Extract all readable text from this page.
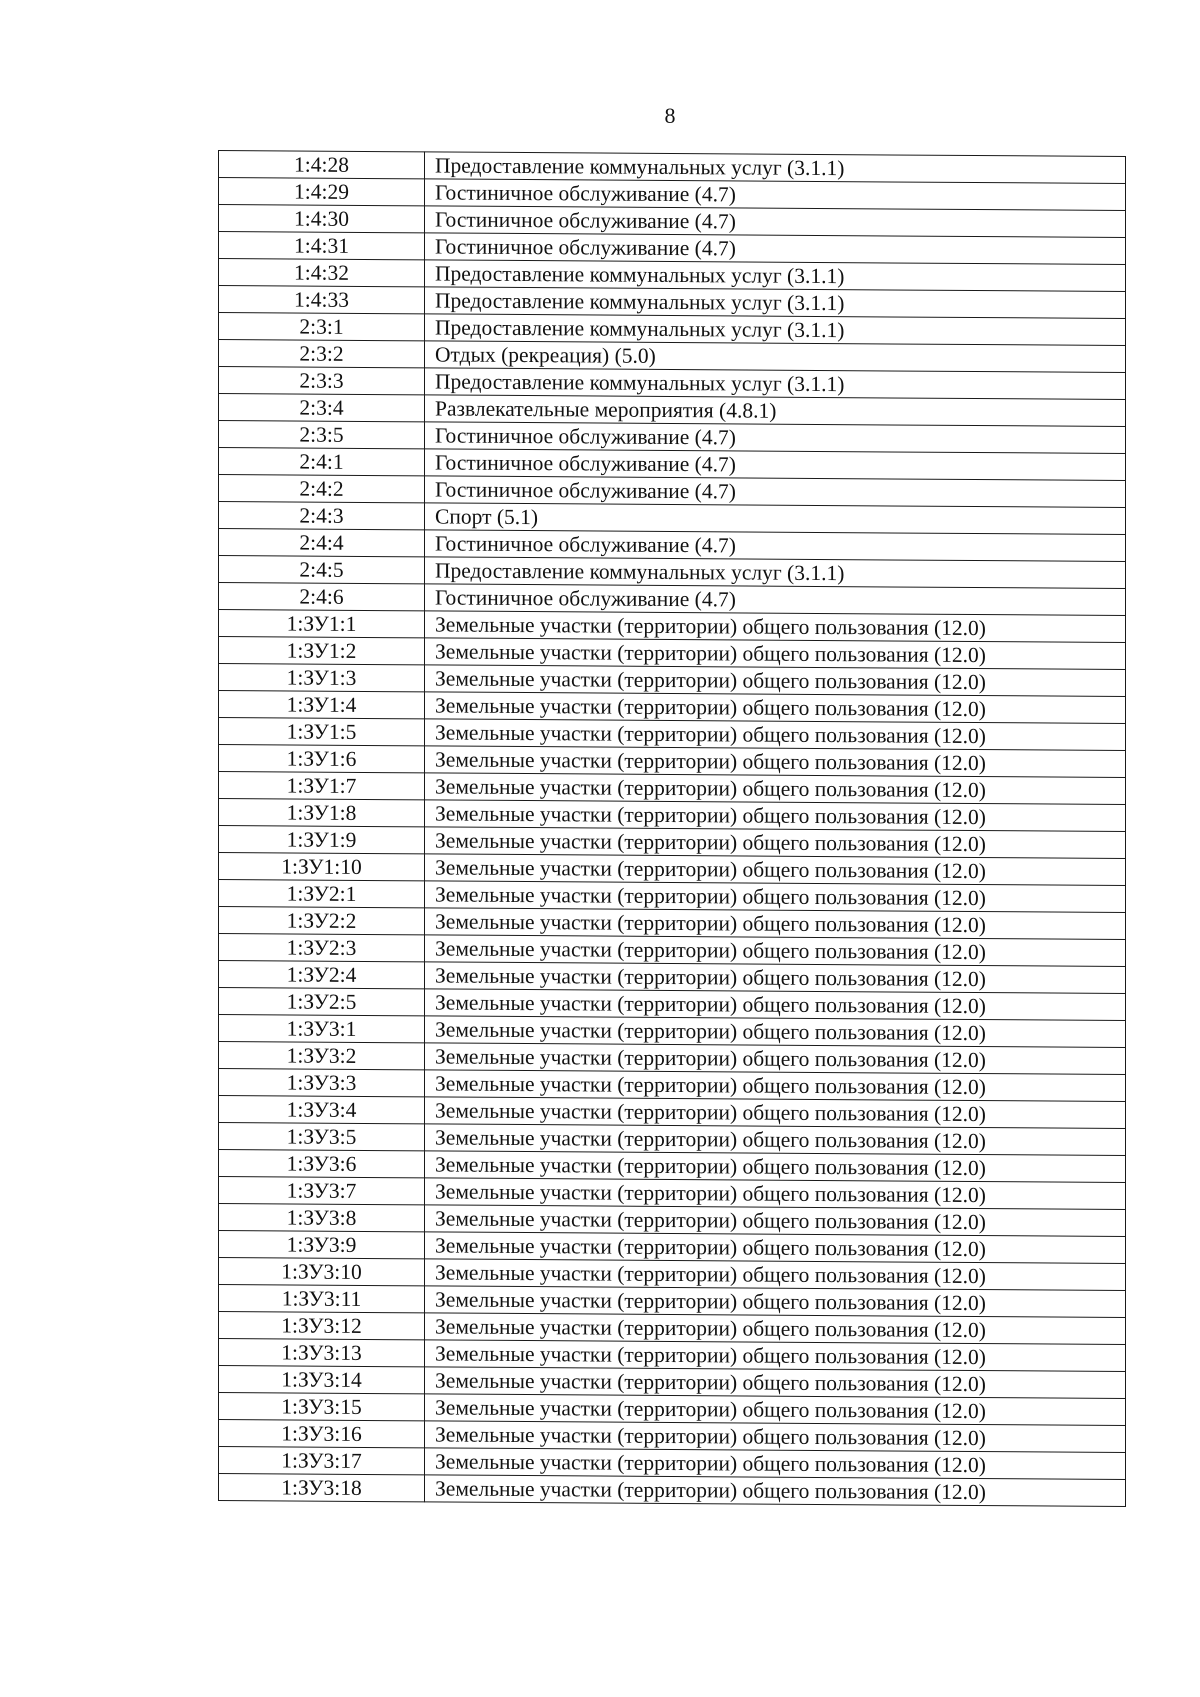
8
1:4:28	Предоставление коммунальных услуг (3.1.1)
1:4:29	Гостиничное обслуживание (4.7)
1:4:30	Гостиничное обслуживание (4.7)
1:4:31	Гостиничное обслуживание (4.7)
1:4:32	Предоставление коммунальных услуг (3.1.1)
1:4:33	Предоставление коммунальных услуг (3.1.1)
2:3:1	Предоставление коммунальных услуг (3.1.1)
2:3:2	Отдых (рекреация) (5.0)
2:3:3	Предоставление коммунальных услуг (3.1.1)
2:3:4	Развлекательные мероприятия (4.8.1)
2:3:5	Гостиничное обслуживание (4.7)
2:4:1	Гостиничное обслуживание (4.7)
2:4:2	Гостиничное обслуживание (4.7)
2:4:3	Спорт (5.1)
2:4:4	Гостиничное обслуживание (4.7)
2:4:5	Предоставление коммунальных услуг (3.1.1)
2:4:6	Гостиничное обслуживание (4.7)
1:ЗУ1:1	Земельные участки (территории) общего пользования (12.0)
1:ЗУ1:2	Земельные участки (территории) общего пользования (12.0)
1:ЗУ1:3	Земельные участки (территории) общего пользования (12.0)
1:ЗУ1:4	Земельные участки (территории) общего пользования (12.0)
1:ЗУ1:5	Земельные участки (территории) общего пользования (12.0)
1:ЗУ1:6	Земельные участки (территории) общего пользования (12.0)
1:ЗУ1:7	Земельные участки (территории) общего пользования (12.0)
1:ЗУ1:8	Земельные участки (территории) общего пользования (12.0)
1:ЗУ1:9	Земельные участки (территории) общего пользования (12.0)
1:ЗУ1:10	Земельные участки (территории) общего пользования (12.0)
1:ЗУ2:1	Земельные участки (территории) общего пользования (12.0)
1:ЗУ2:2	Земельные участки (территории) общего пользования (12.0)
1:ЗУ2:3	Земельные участки (территории) общего пользования (12.0)
1:ЗУ2:4	Земельные участки (территории) общего пользования (12.0)
1:ЗУ2:5	Земельные участки (территории) общего пользования (12.0)
1:ЗУ3:1	Земельные участки (территории) общего пользования (12.0)
1:ЗУ3:2	Земельные участки (территории) общего пользования (12.0)
1:ЗУ3:3	Земельные участки (территории) общего пользования (12.0)
1:ЗУ3:4	Земельные участки (территории) общего пользования (12.0)
1:ЗУ3:5	Земельные участки (территории) общего пользования (12.0)
1:ЗУ3:6	Земельные участки (территории) общего пользования (12.0)
1:ЗУ3:7	Земельные участки (территории) общего пользования (12.0)
1:ЗУ3:8	Земельные участки (территории) общего пользования (12.0)
1:ЗУ3:9	Земельные участки (территории) общего пользования (12.0)
1:ЗУ3:10	Земельные участки (территории) общего пользования (12.0)
1:ЗУ3:11	Земельные участки (территории) общего пользования (12.0)
1:ЗУ3:12	Земельные участки (территории) общего пользования (12.0)
1:ЗУ3:13	Земельные участки (территории) общего пользования (12.0)
1:ЗУ3:14	Земельные участки (территории) общего пользования (12.0)
1:ЗУ3:15	Земельные участки (территории) общего пользования (12.0)
1:ЗУ3:16	Земельные участки (территории) общего пользования (12.0)
1:ЗУ3:17	Земельные участки (территории) общего пользования (12.0)
1:ЗУ3:18	Земельные участки (территории) общего пользования (12.0)
